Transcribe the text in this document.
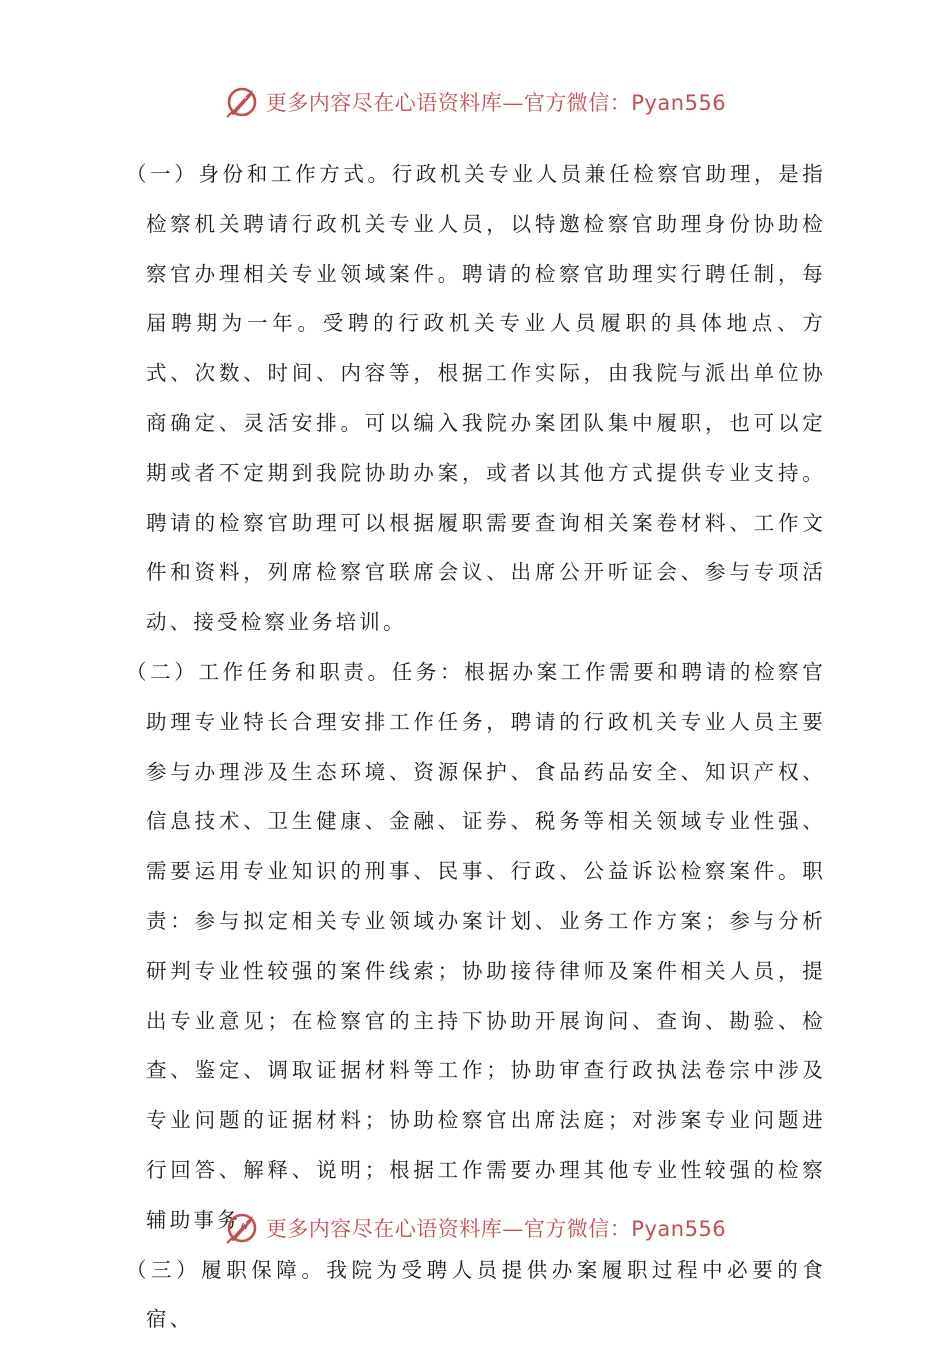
更多内容尽在心语资料库—官方微信：Pyan556

（一）身份和工作方式。行政机关专业人员兼任检察官助理，是指检察机关聘请行政机关专业人员，以特邀检察官助理身份协助检察官办理相关专业领域案件。聘请的检察官助理实行聘任制，每届聘期为一年。受聘的行政机关专业人员履职的具体地点、方式、次数、时间、内容等，根据工作实际，由我院与派出单位协商确定、灵活安排。可以编入我院办案团队集中履职，也可以定期或者不定期到我院协助办案，或者以其他方式提供专业支持。聘请的检察官助理可以根据履职需要查询相关案卷材料、工作文件和资料，列席检察官联席会议、出席公开听证会、参与专项活动、接受检察业务培训。

（二）工作任务和职责。任务：根据办案工作需要和聘请的检察官助理专业特长合理安排工作任务，聘请的行政机关专业人员主要参与办理涉及生态环境、资源保护、食品药品安全、知识产权、信息技术、卫生健康、金融、证券、税务等相关领域专业性强、需要运用专业知识的刑事、民事、行政、公益诉讼检察案件。职责：参与拟定相关专业领域办案计划、业务工作方案；参与分析研判专业性较强的案件线索；协助接待律师及案件相关人员，提出专业意见；在检察官的主持下协助开展询问、查询、勘验、检查、鉴定、调取证据材料等工作；协助审查行政执法卷宗中涉及专业问题的证据材料；协助检察官出席法庭；对涉案专业问题进行回答、解释、说明；根据工作需要办理其他专业性较强的检察辅助事务。

（三）履职保障。我院为受聘人员提供办案履职过程中必要的食宿、

更多内容尽在心语资料库—官方微信：Pyan556
